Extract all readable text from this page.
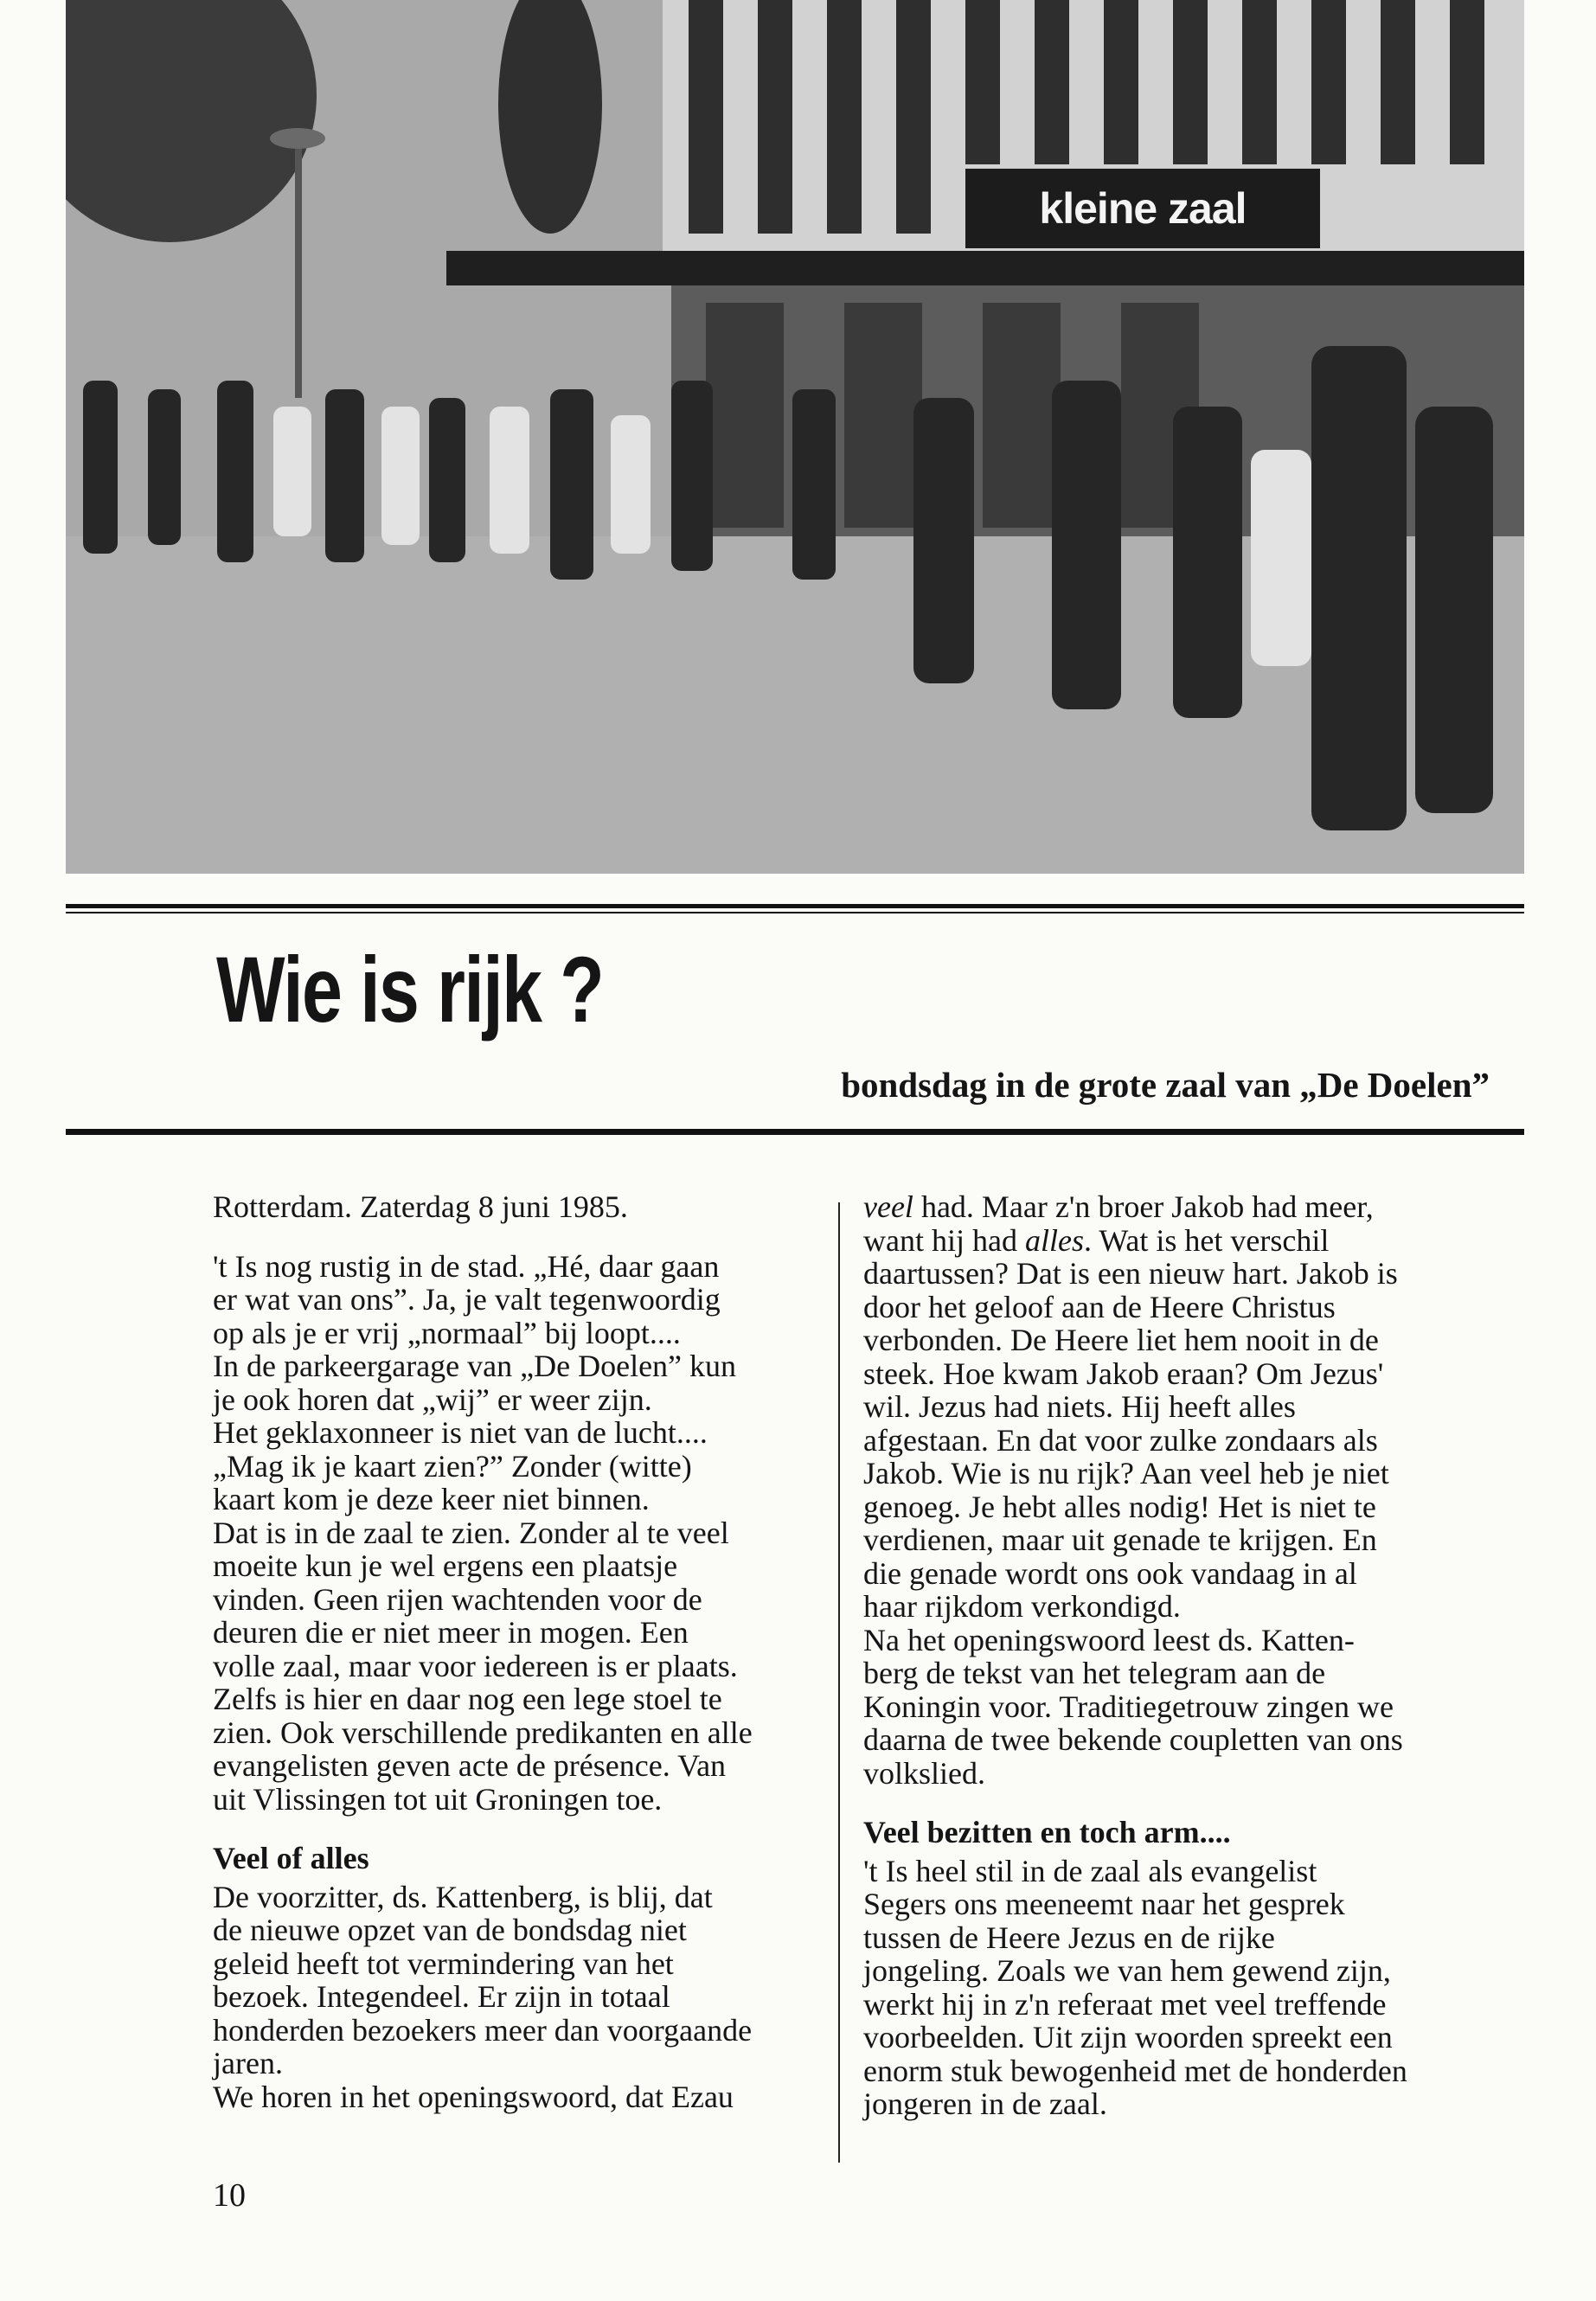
kleine zaal
Wie is rijk ?
bondsdag in de grote zaal van „De Doelen”

Rotterdam. Zaterdag 8 juni 1985.

't Is nog rustig in de stad. „Hé, daar gaan

er wat van ons”. Ja, je valt tegenwoordig

op als je er vrij „normaal” bij loopt....

In de parkeergarage van „De Doelen” kun

je ook horen dat „wij” er weer zijn.

Het geklaxonneer is niet van de lucht....

„Mag ik je kaart zien?” Zonder (witte)

kaart kom je deze keer niet binnen.

Dat is in de zaal te zien. Zonder al te veel

moeite kun je wel ergens een plaatsje

vinden. Geen rijen wachtenden voor de

deuren die er niet meer in mogen. Een

volle zaal, maar voor iedereen is er plaats.

Zelfs is hier en daar nog een lege stoel te

zien. Ook verschillende predikanten en alle

evangelisten geven acte de présence. Van

uit Vlissingen tot uit Groningen toe.

Veel of alles

De voorzitter, ds. Kattenberg, is blij, dat

de nieuwe opzet van de bondsdag niet

geleid heeft tot vermindering van het

bezoek. Integendeel. Er zijn in totaal

honderden bezoekers meer dan voorgaande

jaren.

We horen in het openingswoord, dat Ezau

veel had. Maar z'n broer Jakob had meer,

want hij had alles. Wat is het verschil

daartussen? Dat is een nieuw hart. Jakob is

door het geloof aan de Heere Christus

verbonden. De Heere liet hem nooit in de

steek. Hoe kwam Jakob eraan? Om Jezus'

wil. Jezus had niets. Hij heeft alles

afgestaan. En dat voor zulke zondaars als

Jakob. Wie is nu rijk? Aan veel heb je niet

genoeg. Je hebt alles nodig! Het is niet te

verdienen, maar uit genade te krijgen. En

die genade wordt ons ook vandaag in al

haar rijkdom verkondigd.

Na het openingswoord leest ds. Katten-

berg de tekst van het telegram aan de

Koningin voor. Traditiegetrouw zingen we

daarna de twee bekende coupletten van ons

volkslied.

Veel bezitten en toch arm....

't Is heel stil in de zaal als evangelist

Segers ons meeneemt naar het gesprek

tussen de Heere Jezus en de rijke

jongeling. Zoals we van hem gewend zijn,

werkt hij in z'n referaat met veel treffende

voorbeelden. Uit zijn woorden spreekt een

enorm stuk bewogenheid met de honderden

jongeren in de zaal.

10
